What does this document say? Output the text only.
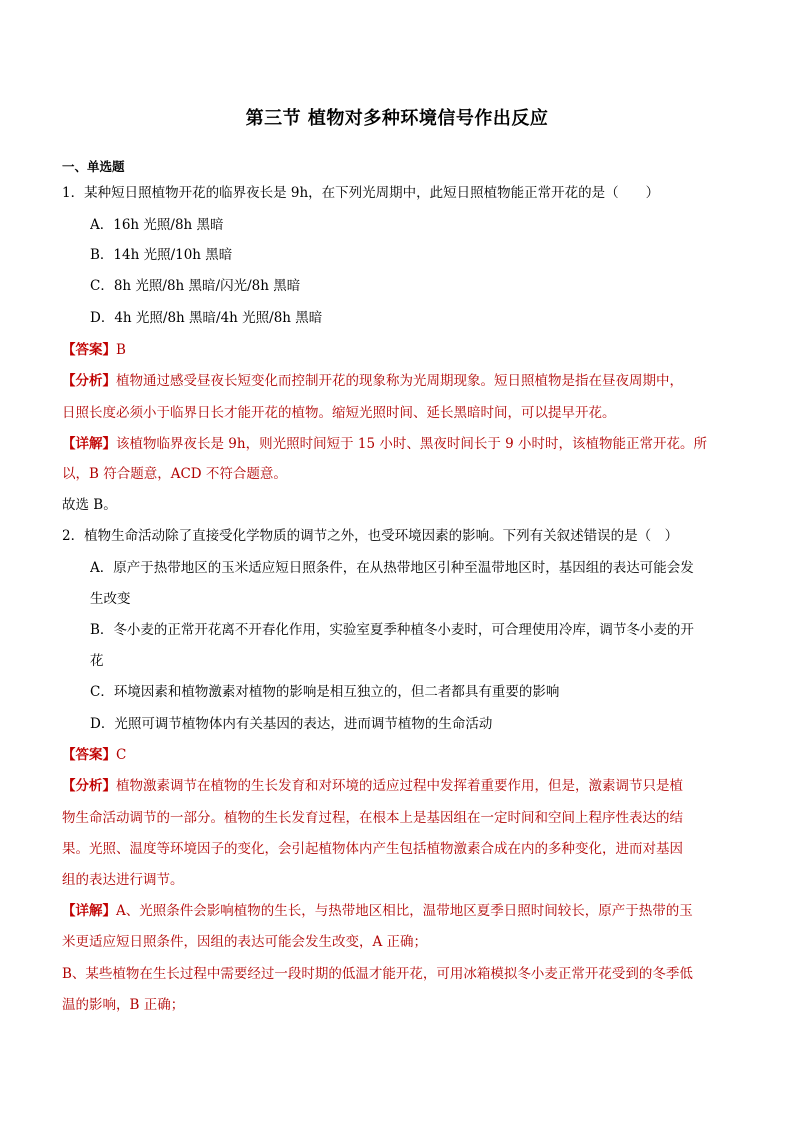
第三节 植物对多种环境信号作出反应
一、单选题
1．某种短日照植物开花的临界夜长是 9h，在下列光周期中，此短日照植物能正常开花的是（　　）
A．16h 光照/8h 黑暗
B．14h 光照/10h 黑暗
C．8h 光照/8h 黑暗/闪光/8h 黑暗
D．4h 光照/8h 黑暗/4h 光照/8h 黑暗
【答案】B
【分析】植物通过感受昼夜长短变化而控制开花的现象称为光周期现象。短日照植物是指在昼夜周期中，
日照长度必须小于临界日长才能开花的植物。缩短光照时间、延长黑暗时间，可以提早开花。
【详解】该植物临界夜长是 9h，则光照时间短于 15 小时、黑夜时间长于 9 小时时，该植物能正常开花。所
以，B 符合题意，ACD 不符合题意。
故选 B。
2．植物生命活动除了直接受化学物质的调节之外，也受环境因素的影响。下列有关叙述错误的是（　）
A．原产于热带地区的玉米适应短日照条件，在从热带地区引种至温带地区时，基因组的表达可能会发
生改变
B．冬小麦的正常开花离不开春化作用，实验室夏季种植冬小麦时，可合理使用冷库，调节冬小麦的开
花
C．环境因素和植物激素对植物的影响是相互独立的，但二者都具有重要的影响
D．光照可调节植物体内有关基因的表达，进而调节植物的生命活动
【答案】C
【分析】植物激素调节在植物的生长发育和对环境的适应过程中发挥着重要作用，但是，激素调节只是植
物生命活动调节的一部分。植物的生长发育过程，在根本上是基因组在一定时间和空间上程序性表达的结
果。光照、温度等环境因子的变化，会引起植物体内产生包括植物激素合成在内的多种变化，进而对基因
组的表达进行调节。
【详解】A、光照条件会影响植物的生长，与热带地区相比，温带地区夏季日照时间较长，原产于热带的玉
米更适应短日照条件，因组的表达可能会发生改变，A 正确；
B、某些植物在生长过程中需要经过一段时期的低温才能开花，可用冰箱模拟冬小麦正常开花受到的冬季低
温的影响，B 正确；
